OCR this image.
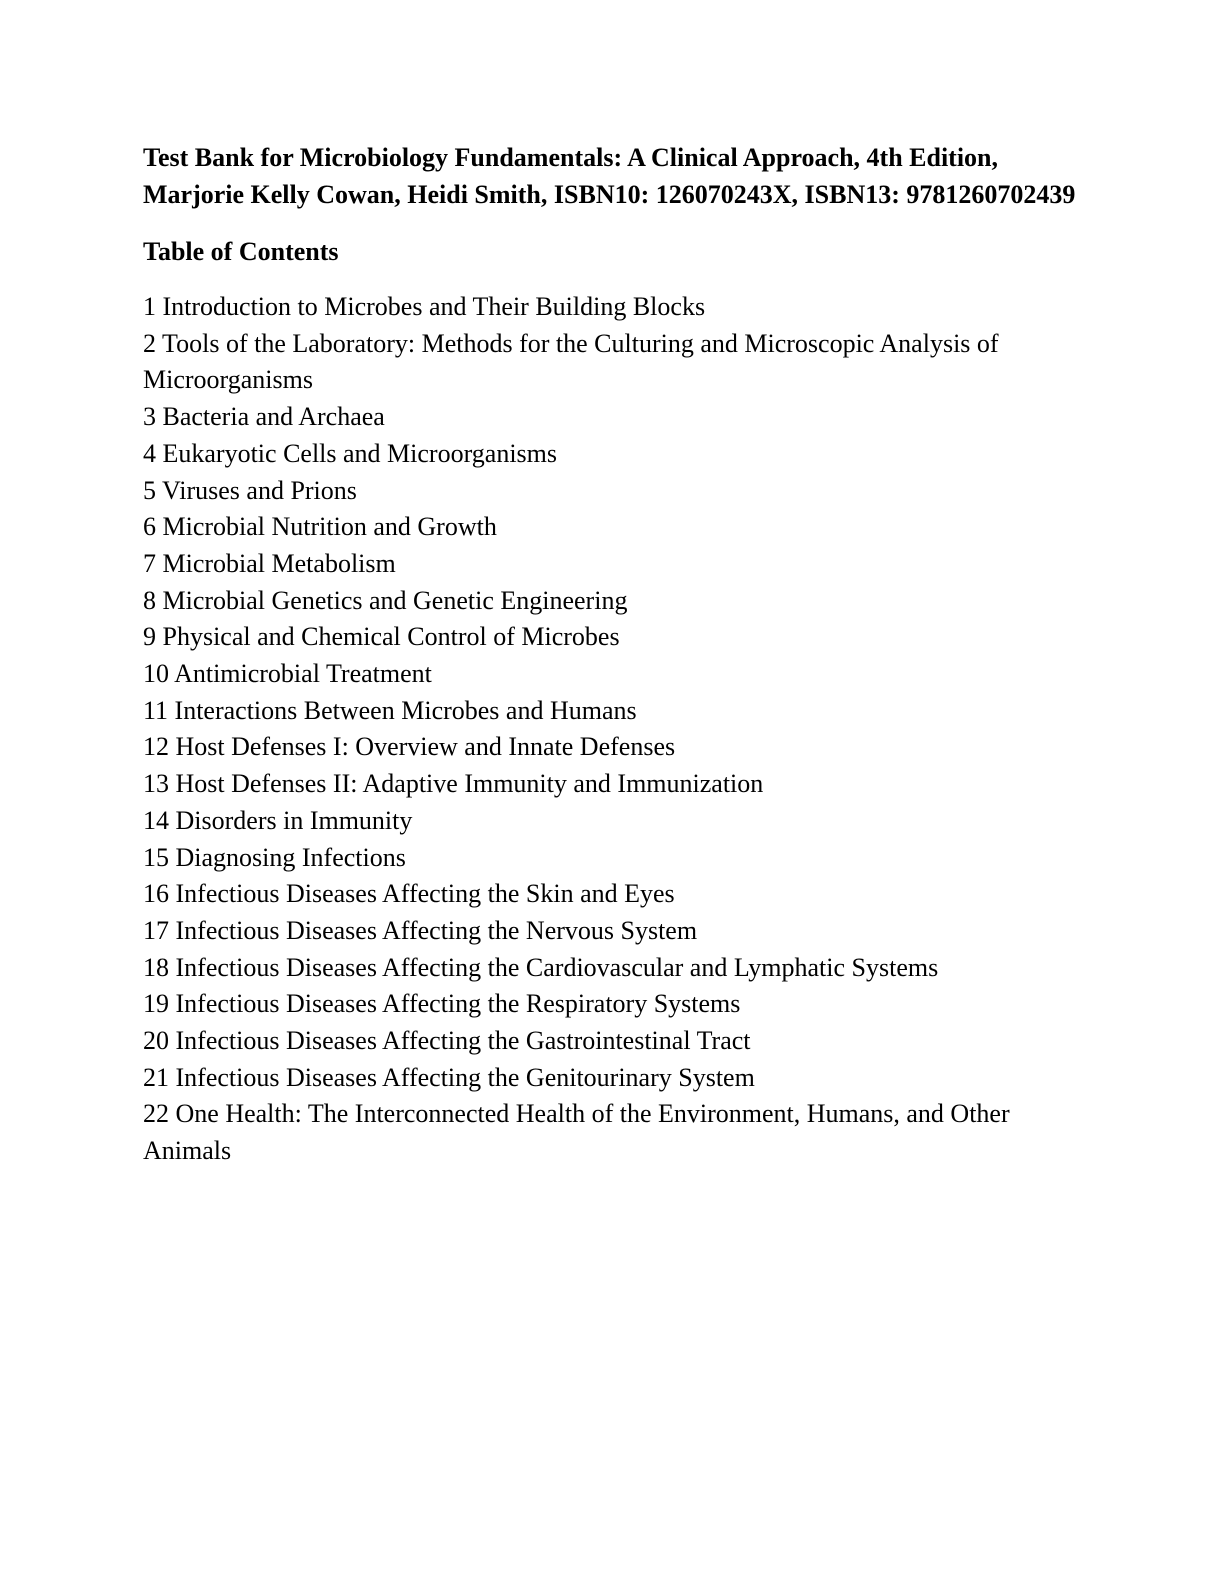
Test Bank for Microbiology Fundamentals: A Clinical Approach, 4th Edition, Marjorie Kelly Cowan, Heidi Smith, ISBN10: 126070243X, ISBN13: 9781260702439
Table of Contents
1 Introduction to Microbes and Their Building Blocks
2 Tools of the Laboratory: Methods for the Culturing and Microscopic Analysis of Microorganisms
3 Bacteria and Archaea
4 Eukaryotic Cells and Microorganisms
5 Viruses and Prions
6 Microbial Nutrition and Growth
7 Microbial Metabolism
8 Microbial Genetics and Genetic Engineering
9 Physical and Chemical Control of Microbes
10 Antimicrobial Treatment
11 Interactions Between Microbes and Humans
12 Host Defenses I: Overview and Innate Defenses
13 Host Defenses II: Adaptive Immunity and Immunization
14 Disorders in Immunity
15 Diagnosing Infections
16 Infectious Diseases Affecting the Skin and Eyes
17 Infectious Diseases Affecting the Nervous System
18 Infectious Diseases Affecting the Cardiovascular and Lymphatic Systems
19 Infectious Diseases Affecting the Respiratory Systems
20 Infectious Diseases Affecting the Gastrointestinal Tract
21 Infectious Diseases Affecting the Genitourinary System
22 One Health: The Interconnected Health of the Environment, Humans, and Other Animals
